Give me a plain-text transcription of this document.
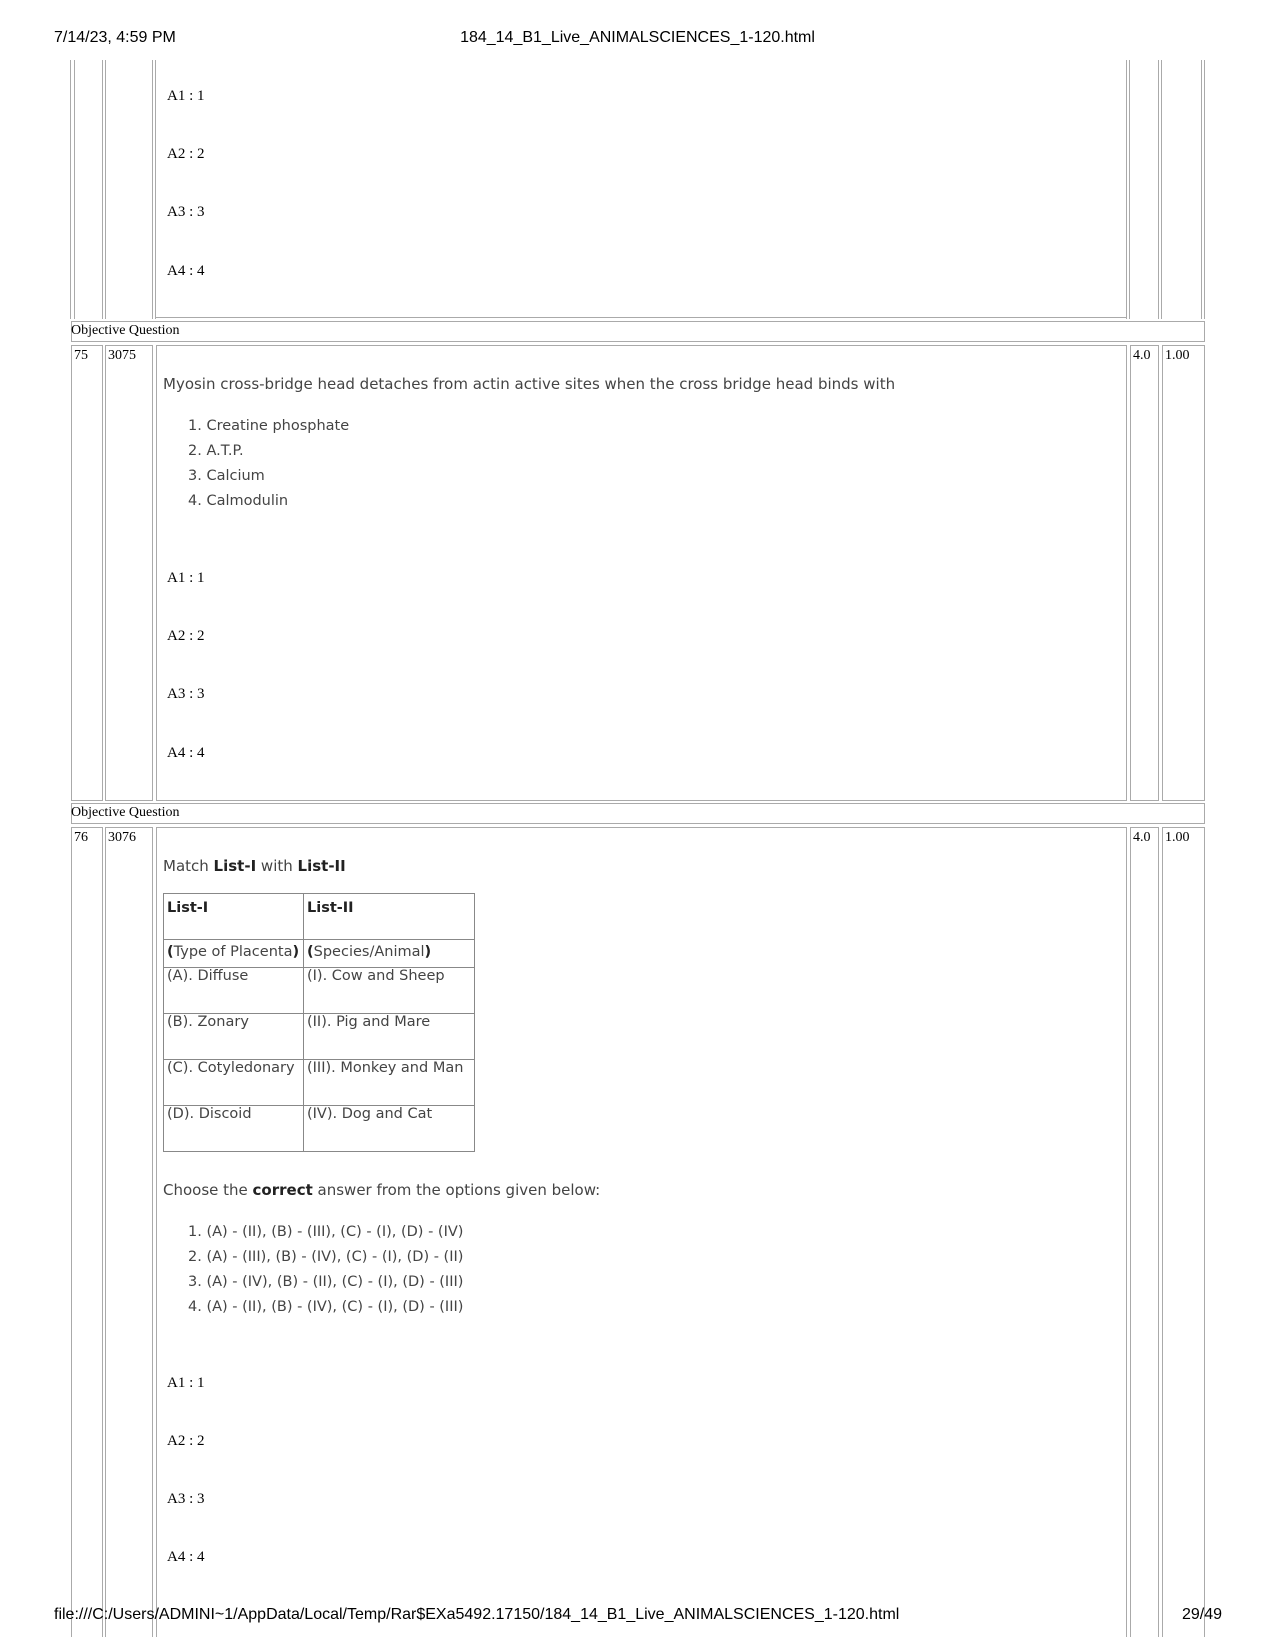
7/14/23, 4:59 PM	184_14_B1_Live_ANIMALSCIENCES_1-120.html
A1 : 1
A2 : 2
A3 : 3
A4 : 4
Objective Question
75 3075	4.0 1.00
Myosin cross-bridge head detaches from actin active sites when the cross bridge head binds with
1. Creatine phosphate
2. A.T.P.
3. Calcium
4. Calmodulin
A1 : 1
A2 : 2
A3 : 3
A4 : 4
Objective Question
76 3076	4.0 1.00
Match List-I with List-II
List-I	List-II
(Type of Placenta)	(Species/Animal)
(A). Diffuse	(I). Cow and Sheep
(B). Zonary	(II). Pig and Mare
(C). Cotyledonary	(III). Monkey and Man
(D). Discoid	(IV). Dog and Cat
Choose the correct answer from the options given below:
1. (A) - (II), (B) - (III), (C) - (I), (D) - (IV)
2. (A) - (III), (B) - (IV), (C) - (I), (D) - (II)
3. (A) - (IV), (B) - (II), (C) - (I), (D) - (III)
4. (A) - (II), (B) - (IV), (C) - (I), (D) - (III)
A1 : 1
A2 : 2
A3 : 3
A4 : 4
file:///C:/Users/ADMINI~1/AppData/Local/Temp/Rar$EXa5492.17150/184_14_B1_Live_ANIMALSCIENCES_1-120.html	29/49
